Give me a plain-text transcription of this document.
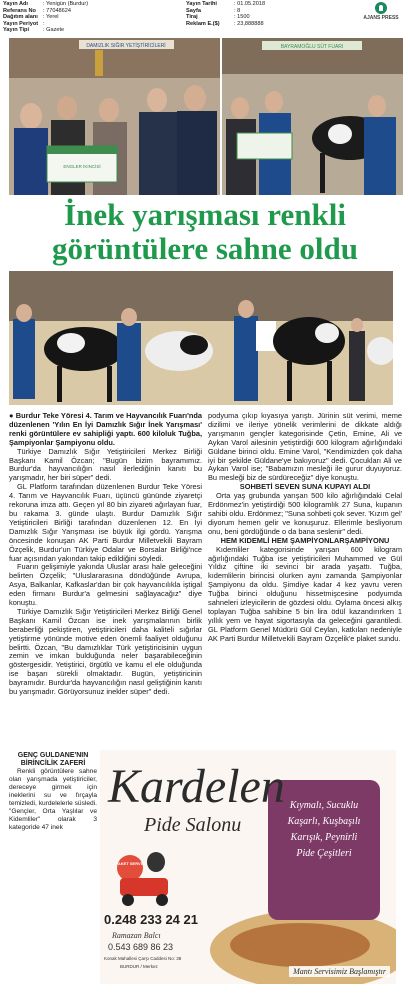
Yayın Adı	: Yenigün (Burdur)
Referans No : 77048624
Dağıtım alanı : Yerel
Yayın Periyot :
Yayın Tipi : Gazete
Yayın Tarihi	: 01.05.2018
Sayfa	: 8
Tiraj	: 1500
Reklam E.($)	: 23,888888
AJANS PRESS
DAMIZLIK SIĞIR YETİŞTİRİCİLERİ
ENGLER İKINCİSİ
BAYRAMOĞLU SÜT FUARI
İnek yarışması renkli görüntülere sahne oldu

● Burdur Teke Yöresi 4. Tarım ve Hayvancılık Fuarı'nda düzenlenen 'Yılın En İyi Damızlık Sığır İnek Yarışması' renki görüntülere ev sahipliği yaptı. 600 kiloluk Tuğba, Şampiyonlar Şampiyonu oldu.

Türkiye Damızlık Sığır Yetiştiricileri Merkez Birliği Başkanı Kamil Özcan; "Bugün bizim bayramımız. Burdur'da hayvancılığın nasıl ilerlediğinin kanıtı bu yarışmadır, her biri süper" dedi.

GL Platform tarafından düzenlenen Burdur Teke Yöresi 4. Tarım ve Hayvancılık Fuarı, üçüncü gününde ziyaretçi rekoruna imza attı. Geçen yıl 80 bin ziyareti ağırlayan fuar, bu rakama 3. günde ulaştı. Burdur Damızlık Sığır Yetiştiricileri Birliği tarafından düzenlenen 12. En İyi Damızlık Sığır Yarışması ise büyük ilgi gördü. Yarışma öncesinde konuşan AK Parti Burdur Milletvekili Bayram Özçelik, Burdur'un Türkiye Odalar ve Borsalar Birliği'nce fuar açısından yakından takip edildiğini söyledi.

Fuarın gelişimiyle yakında Uluslar arası hale geleceğini belirten Özçelik; "Uluslararasına döndüğünde Avrupa, Asya, Balkanlar, Kafkaslar'dan bir çok hayvancılıkla iştigal eden firmanı Burdur'a gelmesini sağlayacağız" diye konuştu.

Türkiye Damızlık Sığır Yetiştiricileri Merkez Birliği Genel Başkanı Kamil Özcan ise inek yarışmalarının birlik beraberliği pekiştiren, yetiştiricileri daha kaliteli sığırlar yetiştirme yönünde motive eden önemli faaliyet olduğunu belirtti. Özcan, "Bu damızlıklar Türk yetiştiricisinin uygun zemin ve imkan bulduğunda neler başarabileceğinin göstergesidir. Yetiştirici, örgütlü ve kamu el ele olduğunda ise başarı sürekli olmaktadır. Bugün, yetiştiricinin bayramıdır. Burdur'da hayvancılığın nasıl geliştiğinin kanıtı bu yarışmadır. Görüyorsunuz inekler süper" dedi.

GENÇ GÜLDANE'NİN BİRİNCİLİK ZAFERİ

Renkli görüntülere sahne olan yarışmada yetiştiriciler, dereceye girmek için ineklerini su ve fırçayla temizledi, kurdelelerle süsledi. "Gençler, Orta Yaşlılar ve Kidemliler" olarak 3 kategoride 47 inek

podyuma çıkıp kıyasıya yarıştı. Jürinin süt verimi, meme dizilimi ve ileriye yönelik verimlerini de dikkate aldığı yarışmanın gençler kategorisinde Çetin, Emine, Ali ve Aykan Varol ailesinin yetiştirdiği 600 kilogram ağırlığındaki Güldane birinci oldu. Emine Varol, "Kendimizden çok daha iyi bir şekilde Güldane'ye bakıyoruz" dedi. Çocukları Ali ve Aykan Varol ise; "Babamızın mesleği ile gurur duyuyoruz. Bu mesleği biz de sürdüreceğiz" diye konuştu.

SOHBETİ SEVEN SUNA KUPAYI ALDI

Orta yaş grubunda yarışan 500 kilo ağırlığındaki Celal Erdönmez'in yetiştirdiği 500 kilogramlık 27 Suna, kupanın sahibi oldu. Erdönmez; "Suna sohbeti çok sever. 'Kızım gel' diyorum hemen gelir ve konuşuruz. Ellerimle besliyorum onu, beni gördüğünde o da bana seslenir" dedi.

HEM KIDEMLİ HEM ŞAMPİYONLARŞAMPİYONU

Kıdemliler kategorisinde yarışan 600 kilogram ağırlığındaki Tuğba ise yetiştiricileri Muhammed ve Gül Yıldız çiftine iki sevinci bir arada yaşattı. Tuğba, kıdemlilerin birincisi olurken aynı zamanda Şampiyonlar Şampiyonu da oldu. Şimdiye kadar 4 kez yavru veren Tuğba birinci olduğunu hissetmişcesine podyumda sahneleri izleyicilerin de gözdesi oldu. Oylama öncesi alkış toplayan Tuğba sahibine 5 bin lira ödül kazandırırken 1 yıllık yem ve hayat sigortasıyla da geleceğini garantiledi. GL Platform Genel Müdürü Gül Ceylan, katkıları nedeniyle AK Parti Burdur Milletvekili Bayram Özçelik'e plaket sundu.

Kardelen
Pide Salonu
PAKET SERVİS
0.248 233 24 21
Ramazan Balcı
0.543 689 86 23
Konak Mahallesi Çarşı Caddesi No: 38
BURDUR / Merkez
Kıymalı, Sucuklu
Kaşarlı, Kuşbaşılı
Karışık, Peynirli
Pide Çeşitleri
Mantı Servisimiz Başlamıştır
